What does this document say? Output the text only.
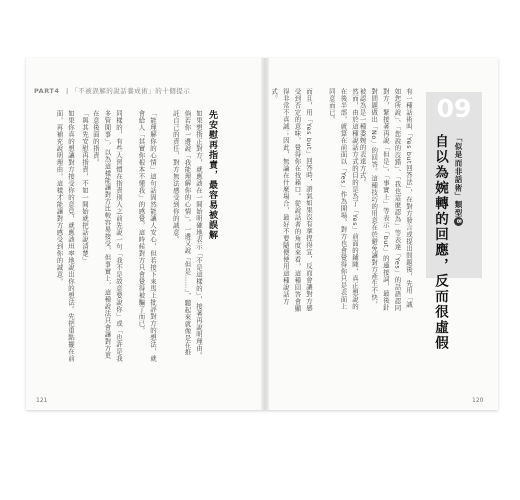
PART4 | 「不被誤解的說話養成術」的十個提示
09
「似是而非話術」類型8
自以為婉轉的回應，反而很虛假
有一種話術叫「Yes but回答法」，在對方發言或提出問題後，先用「誠如您所說」、「您說的沒錯」、「我也這麼認為」等表達「Yes」的話語認同對方，緊接著再說「但是」、「事實上」等表示「but」的連接詞，最後針對問題做出「No」的回答。這種技巧的用意在於避免讓對方產生不快，被認為是一種委婉的表達方式。
然而，由於這種說話方式的目的是為了「Yes」前面的鋪陳，真正想說的在後半部，就算在前面以「Yes」作為開場，對方也會覺得你只是表面上同意而已。
而且，用「Yes but」回答時，語氣如果沒有拿捏得宜，反而會讓對方感受到否定的意味，覺得你在找藉口。從說話者的角度來看，這種回答會顯得非常不真誠；因此，無論在什麼場合，最好不要隨便使用這種說話方式。
先安慰再指責，最容易被誤解
如果想指正對方，就應該在一開始明確地表示「不是這樣的」，接著再說明理由。倘若你一邊說「我能理解你的心情」，一邊又說「但是……」，聽起來就像是在推託自己的責任，對方無法感受到你的誠意。
「能理解你的心情」這句話固然能讓人安心，但若接下來馬上批評對方的想法，就會給人「其實你根本不懂我」的感覺，這時候對方只會覺得被騙了而已。
同樣的，有些人習慣在指責別人之前先說一句「我不是故意要說你」或「也許是我多管閒事」，以為這樣能讓對方比較容易接受，但事實上，這種說法只會讓對方更在意後面的指責。
「與其先安慰再指責，不如一開始就把話說清楚」
如果你真的想讓對方接受你的意見，就應該坦率地說出你的想法。先把重點擺在前面，再補充說明理由，這樣才能讓對方感受到你的誠意。
121	120
